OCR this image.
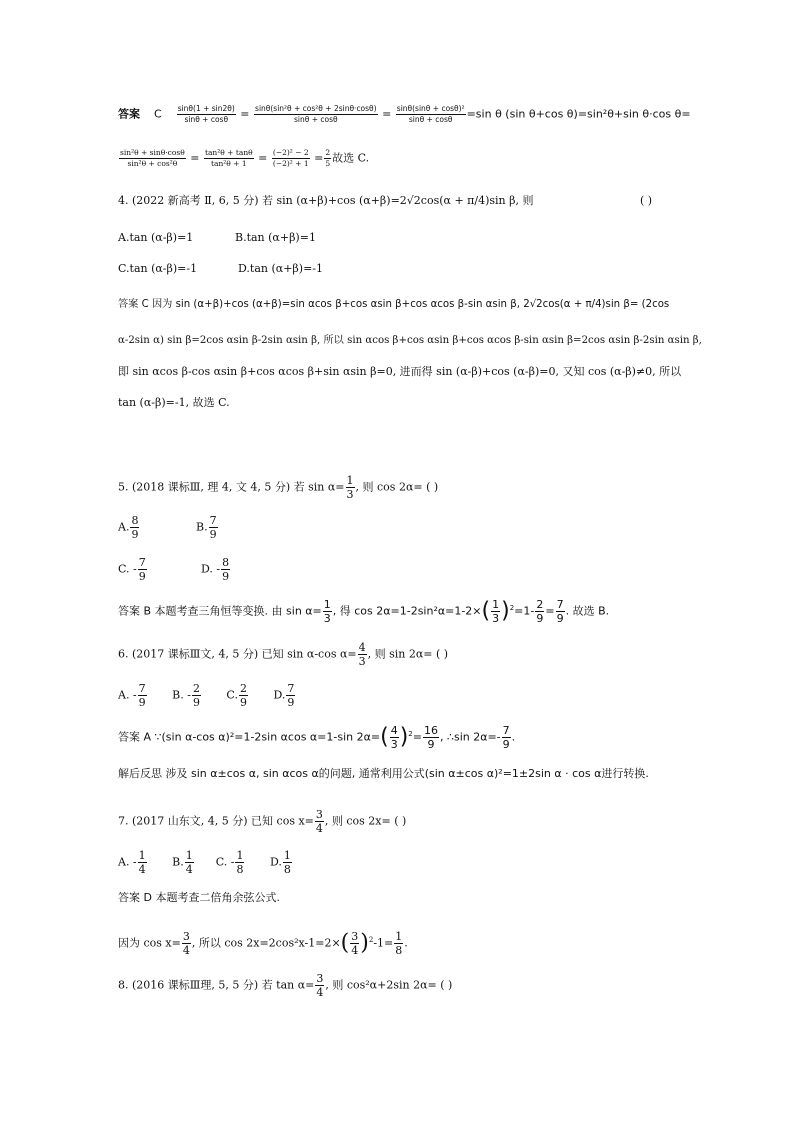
答案 C $\frac{\sin\theta(1 + \sin 2\theta)}{\sin\theta + \cos\theta} = \frac{\text{sinθ(sin²θ + cos²θ + 2sinθ·cosθ)}}{\sin\theta + \cos\theta} = \frac{\text{sinθ(sinθ + cosθ)²}}{\sin\theta + \cos\theta} =\sin$ θ (sin θ+cos θ)=sin²θ+sin θ·cos θ=
$\frac{\text{sin²θ + sinθ·cosθ}}{\text{sin²θ + cos²θ}} = \frac{\text{tan²θ + tanθ}}{\text{tan²θ + 1}} = \frac{\text{(−2)² − 2}}{\text{(−2)² + 1}} = \frac{2}{5}$ 故选 C.
4. (2022 新高考 Ⅱ, 6, 5 分) 若 sin (α+β)+cos (α+β)=2√2cos(α + π/4)sin β, 则	( )
A.tan (α-β)=1	B.tan (α+β)=1
C.tan (α-β)=-1	D.tan (α+β)=-1
答案 C 因为 sin (α+β)+cos (α+β)=sin αcos β+cos αsin β+cos αcos β-sin αsin β, 2√2cos(α + π/4)sin β= (2cos
α-2sin α) sin β=2cos αsin β-2sin αsin β, 所以 sin αcos β+cos αsin β+cos αcos β-sin αsin β=2cos αsin β-2sin αsin β,
即 sin αcos β-cos αsin β+cos αcos β+sin αsin β=0, 进而得 sin (α-β)+cos (α-β)=0, 又知 cos (α-β)≠0, 所以
tan (α-β)=-1, 故选 C.
5. (2018 课标Ⅲ, 理 4, 文 4, 5 分) 若 $\sin \alpha= \frac{1}{3}$ , 则 cos 2α= ( )
A. $\frac{8}{9}$	B. $\frac{7}{9}$
C. - $\frac{7}{9}$	D. - $\frac{8}{9}$
答案 B 本题考查三角恒等变换. 由 $\sin \alpha= \frac{1}{3}$ , 得 $\cos 2\alpha=1-2\sin^2\alpha=1-2\times( \frac{1}{3} )^2=1- \frac{2}{9} = \frac{7}{9}$ . 故选 B.
6. (2017 课标Ⅲ文, 4, 5 分) 已知 sin α-cos $\alpha= \frac{4}{3}$ , 则 sin 2α= ( )
A. - $\frac{7}{9} B$. - $\frac{2}{9} C$. $\frac{2}{9} D$. $\frac{7}{9}$
答案 A ∵(sin α-cos α)²=1-2sin αcos α=1-sin $2\alpha=( \frac{4}{3} )^2= \frac{16}{9}$ , ∴sin $2\alpha=- \frac{7}{9}$ .
解后反思 涉及 sin α±cos α, sin αcos α的问题, 通常利用公式(sin α±cos α)²=1±2sin α · cos α进行转换.
7. (2017 山东文, 4, 5 分) 已知 $\cos x= \frac{3}{4}$ , 则 cos 2x= ( )
A. - $\frac{1}{4} B$. $\frac{1}{4} C$. - $\frac{1}{8} D$. $\frac{1}{8}$
答案 D 本题考查二倍角余弦公式.
因为 $\cos x= \frac{3}{4}$ , 所以 $\cos 2x=2\cos^2x-1=2\times( \frac{3}{4} )^2-1= \frac{1}{8}$ .
8. (2016 课标Ⅲ理, 5, 5 分) 若 $\tan \alpha= \frac{3}{4}$ , 则 cos²α+2sin 2α= ( )
